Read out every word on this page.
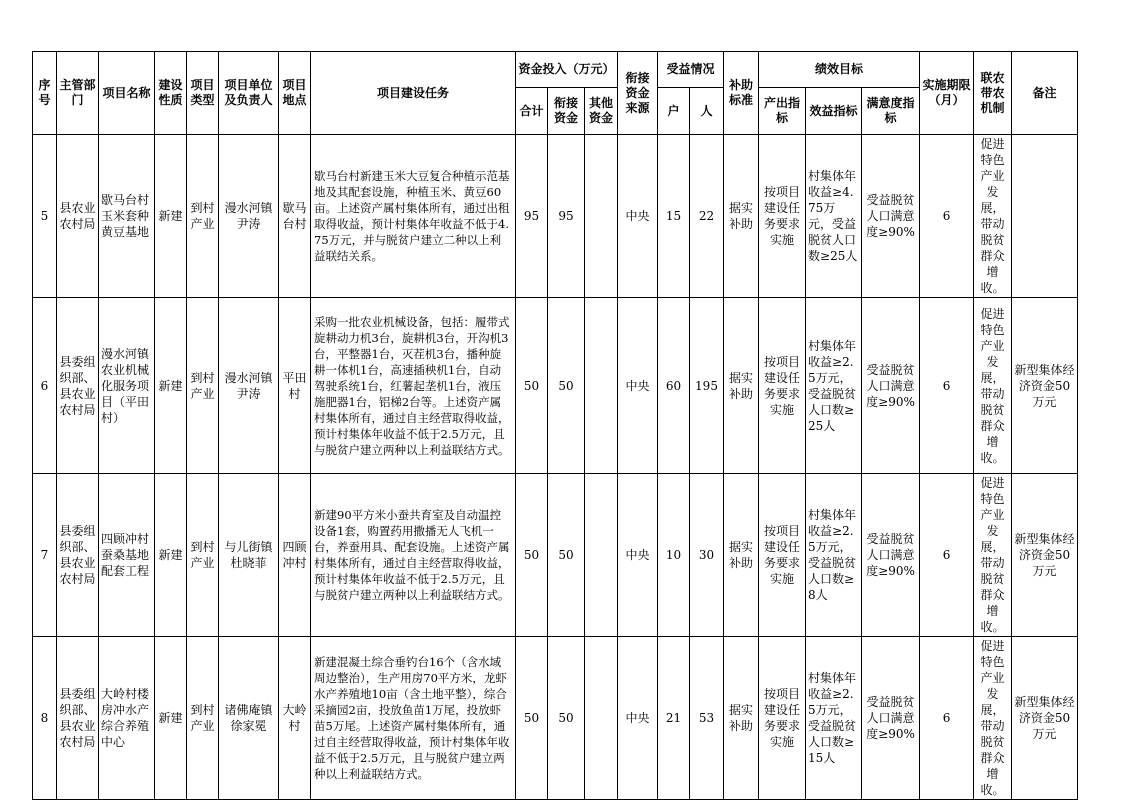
序号	主管部门	项目名称	建设性质	项目类型	项目单位及负责人	项目地点	项目建设任务	资金投入（万元）			衔接资金来源	受益情况		补助标准	绩效目标			实施期限（月）	联农带农机制	备注
								合计	衔接资金	其他资金		户	人		产出指标	效益指标	满意度指标			
5	县农业农村局	歇马台村玉米套种黄豆基地	新建	到村产业	漫水河镇尹涛	歇马台村	歇马台村新建玉米大豆复合种植示范基地及其配套设施，种植玉米、黄豆60亩。上述资产属村集体所有，通过出租取得收益，预计村集体年收益不低于4.75万元，并与脱贫户建立二种以上利益联结关系。	95	95		中央	15	22	据实补助	按项目建设任务要求实施	村集体年收益≥4.75万元，受益脱贫人口数≥25人	受益脱贫人口满意度≥90%	6	促进特色产业发展，带动脱贫群众增收。	
6	县委组织部、县农业农村局	漫水河镇农业机械化服务项目（平田村）	新建	到村产业	漫水河镇尹涛	平田村	采购一批农业机械设备，包括：履带式旋耕动力机3台，旋耕机3台，开沟机3台，平整器1台，灭茬机3台，播种旋耕一体机1台，高速插秧机1台，自动驾驶系统1台，红薯起垄机1台，液压施肥器1台，铝梯2台等。上述资产属村集体所有，通过自主经营取得收益，预计村集体年收益不低于2.5万元，且与脱贫户建立两种以上利益联结方式。	50	50		中央	60	195	据实补助	按项目建设任务要求实施	村集体年收益≥2.5万元，受益脱贫人口数≥25人	受益脱贫人口满意度≥90%	6	促进特色产业发展，带动脱贫群众增收。	新型集体经济资金50万元
7	县委组织部、县农业农村局	四顾冲村蚕桑基地配套工程	新建	到村产业	与儿街镇杜晓菲	四顾冲村	新建90平方米小蚕共育室及自动温控设备1套，购置药用撒播无人飞机一台，养蚕用具、配套设施。上述资产属村集体所有，通过自主经营取得收益，预计村集体年收益不低于2.5万元，且与脱贫户建立两种以上利益联结方式。	50	50		中央	10	30	据实补助	按项目建设任务要求实施	村集体年收益≥2.5万元，受益脱贫人口数≥8人	受益脱贫人口满意度≥90%	6	促进特色产业发展，带动脱贫群众增收。	新型集体经济资金50万元
8	县委组织部、县农业农村局	大岭村楼房冲水产综合养殖中心	新建	到村产业	诸佛庵镇徐家冕	大岭村	新建混凝土综合垂钓台16个（含水域周边整治），生产用房70平方米，龙虾水产养殖地10亩（含土地平整），综合采摘园2亩，投放鱼苗1万尾，投放虾苗5万尾。上述资产属村集体所有，通过自主经营取得收益，预计村集体年收益不低于2.5万元，且与脱贫户建立两种以上利益联结方式。	50	50		中央	21	53	据实补助	按项目建设任务要求实施	村集体年收益≥2.5万元，受益脱贫人口数≥15人	受益脱贫人口满意度≥90%	6	促进特色产业发展，带动脱贫群众增收。	新型集体经济资金50万元
